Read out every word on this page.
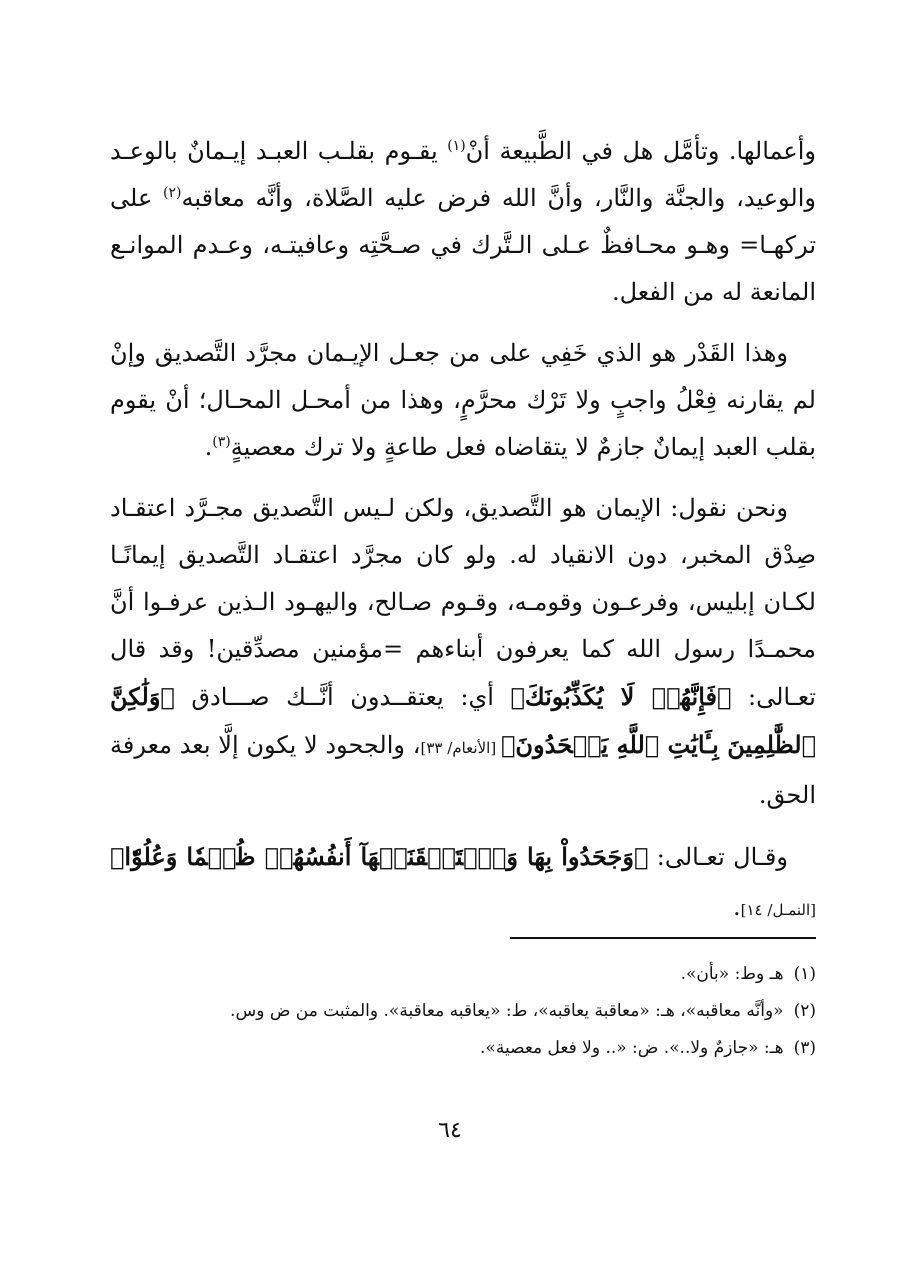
وأعمالها. وتأمَّل هل في الطَّبيعة أنْ$^{(١)}$ يقـوم بقلـب العبـد إيـمانٌ بالوعـد والوعيد، والجنَّة والنَّار، وأنَّ الله فرض عليه الصَّلاة، وأنَّه معاقبه$^{(٢)}$ على تركهـا= وهـو محـافظٌ عـلى الـتَّرك في صـحَّتِه وعافيتـه، وعـدم الموانـع المانعة له من الفعل.

وهذا القَدْر هو الذي خَفِي على من جعـل الإيـمان مجرَّد التَّصديق وإنْ لم يقارنه فِعْلُ واجبٍ ولا تَرْك محرَّمٍ، وهذا من أمحـل المحـال؛ أنْ يقوم بقلب العبد إيمانٌ جازمٌ لا يتقاضاه فعل طاعةٍ ولا ترك معصيةٍ$^{(٣)}$.

ونحن نقول: الإيمان هو التَّصديق، ولكن لـيس التَّصديق مجـرَّد اعتقـاد صِدْق المخبر، دون الانقياد له. ولو كان مجرَّد اعتقـاد التَّصديق إيمانًـا لكـان إبليس، وفرعـون وقومـه، وقـوم صـالح، واليهـود الـذين عرفـوا أنَّ محمـدًا رسول الله كما يعرفون أبناءهم =مؤمنين مصدِّقين! وقد قال تعـالى: ﴿فَإِنَّهُمۡ لَا يُكَذِّبُونَكَ﴾ أي: يعتقــدون أنَّــك صـــادق ﴿وَلَٰكِنَّ ٱلظَّٰلِمِينَ بِـَٔايَٰتِ ٱللَّهِ يَجۡحَدُونَ﴾ [الأنعام/ ٣٣]، والجحود لا يكون إلَّا بعد معرفة الحق.

وقـال تعـالى: ﴿وَجَحَدُواْ بِهَا وَٱسۡتَيۡقَنَتۡهَآ أَنفُسُهُمۡ ظُلۡمٗا وَعُلُوّٗا﴾ [النمـل/ ١٤].

(١)هـ وط: «بأن».

(٢)«وأنَّه معاقبه»، هـ: «معاقبة يعاقبه»، ط: «يعاقبه معاقبة». والمثبت من ض وس.

(٣)هـ: «جازمٌ ولا..». ض: «.. ولا فعل معصية».

٦٤
